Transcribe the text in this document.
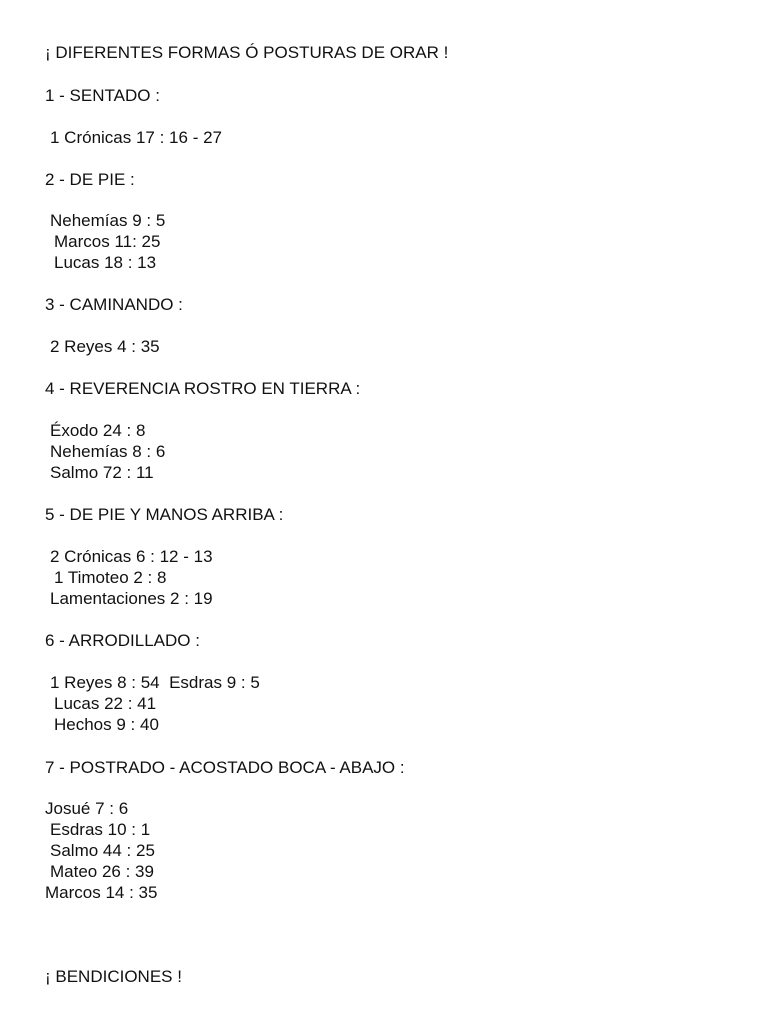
¡ DIFERENTES FORMAS Ó POSTURAS DE ORAR !

1 - SENTADO :

1 Crónicas 17 : 16 - 27

2 - DE PIE :

Nehemías 9 : 5

Marcos 11: 25

Lucas 18 : 13

3 - CAMINANDO :

2 Reyes 4 : 35

4 - REVERENCIA ROSTRO EN TIERRA :

Éxodo 24 : 8

Nehemías 8 : 6

Salmo 72 : 11

5 - DE PIE Y MANOS ARRIBA :

2 Crónicas 6 : 12 - 13

1 Timoteo 2 : 8

Lamentaciones 2 : 19

6 - ARRODILLADO :

1 Reyes 8 : 54  Esdras 9 : 5

Lucas 22 : 41

Hechos 9 : 40

7 - POSTRADO - ACOSTADO BOCA - ABAJO :

Josué 7 : 6

Esdras 10 : 1

Salmo 44 : 25

Mateo 26 : 39

Marcos 14 : 35

¡ BENDICIONES !
